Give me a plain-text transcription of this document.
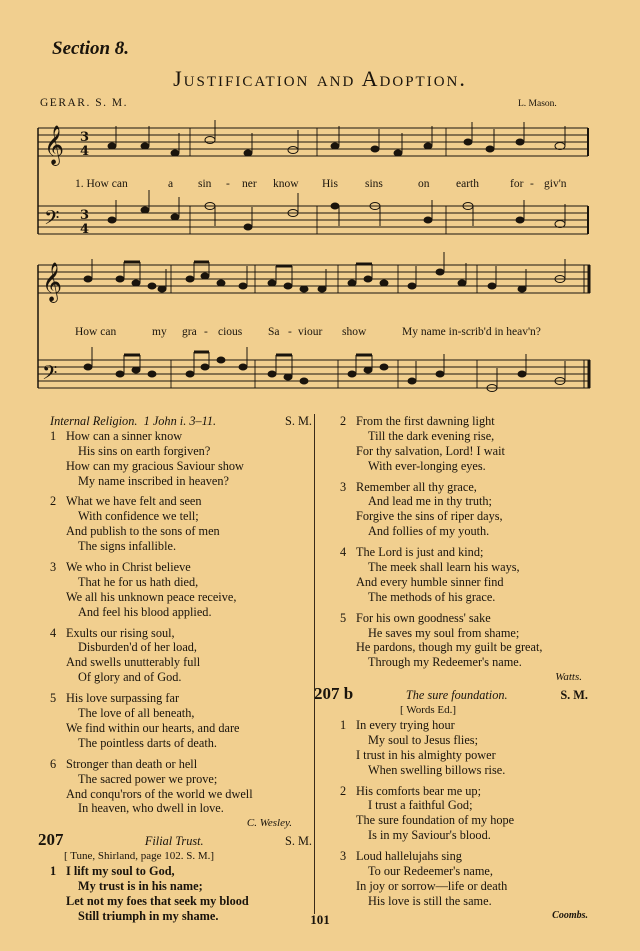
Section 8.
Justification and Adoption.
GERAR. S. M.	L. Mason.
𝄞
𝄢
3
4
3
4
𝄞
𝄢
1. How can	a sin - ner know His sins	on earth	for - giv'n
How can	my gra - cious Sa - viour show	My name in-scrib'd in heav'n?
Internal Religion. 1 John i. 3–11.	S. M.
1 How can a sinner know
His sins on earth forgiven?
How can my gracious Saviour show
My name inscribed in heaven?
2 What we have felt and seen
With confidence we tell;
And publish to the sons of men
The signs infallible.
3 We who in Christ believe
That he for us hath died,
We all his unknown peace receive,
And feel his blood applied.
4 Exults our rising soul,
Disburden'd of her load,
And swells unutterably full
Of glory and of God.
5 His love surpassing far
The love of all beneath,
We find within our hearts, and dare
The pointless darts of death.
6 Stronger than death or hell
The sacred power we prove;
And conqu'rors of the world we dwell
In heaven, who dwell in love.
C. Wesley.
207	Filial Trust.	S. M.
[ Tune, Shirland, page 102. S. M.]
1 I lift my soul to God,
My trust is in his name;
Let not my foes that seek my blood
Still triumph in my shame.
2 From the first dawning light
Till the dark evening rise,
For thy salvation, Lord! I wait
With ever-longing eyes.
3 Remember all thy grace,
And lead me in thy truth;
Forgive the sins of riper days,
And follies of my youth.
4 The Lord is just and kind;
The meek shall learn his ways,
And every humble sinner find
The methods of his grace.
5 For his own goodness' sake
He saves my soul from shame;
He pardons, though my guilt be great,
Through my Redeemer's name.
Watts.
207 b	The sure foundation.	S. M.
[ Words Ed.]
1 In every trying hour
My soul to Jesus flies;
I trust in his almighty power
When swelling billows rise.
2 His comforts bear me up;
I trust a faithful God;
The sure foundation of my hope
Is in my Saviour's blood.
3 Loud hallelujahs sing
To our Redeemer's name,
In joy or sorrow—life or death
His love is still the same.
Coombs.
101
